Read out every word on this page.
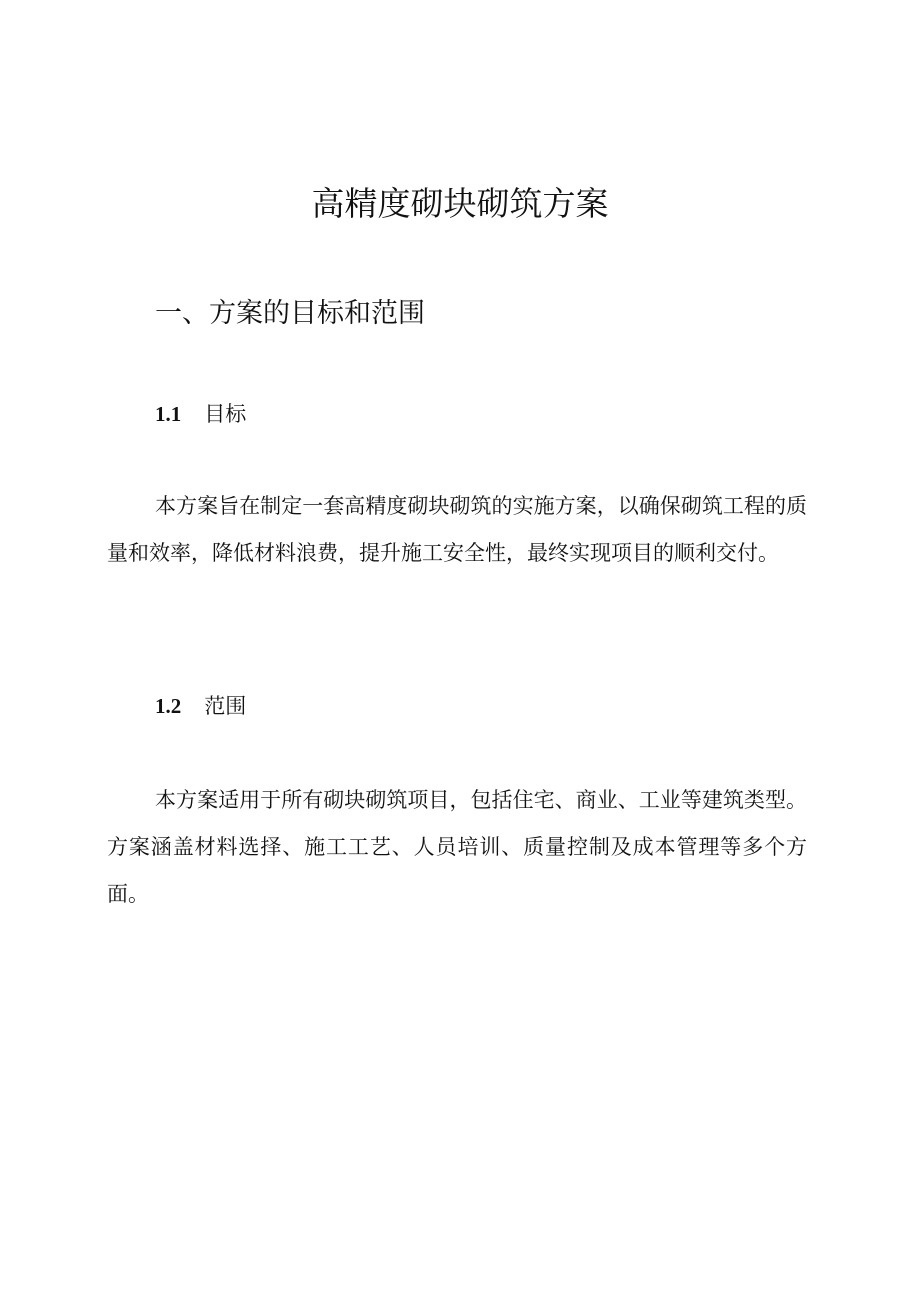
高精度砌块砌筑方案
一、方案的目标和范围
1.1 目标

本方案旨在制定一套高精度砌块砌筑的实施方案，以确保砌筑工程的质量和效率，降低材料浪费，提升施工安全性，最终实现项目的顺利交付。

1.2 范围

本方案适用于所有砌块砌筑项目，包括住宅、商业、工业等建筑类型。方案涵盖材料选择、施工工艺、人员培训、质量控制及成本管理等多个方面。
